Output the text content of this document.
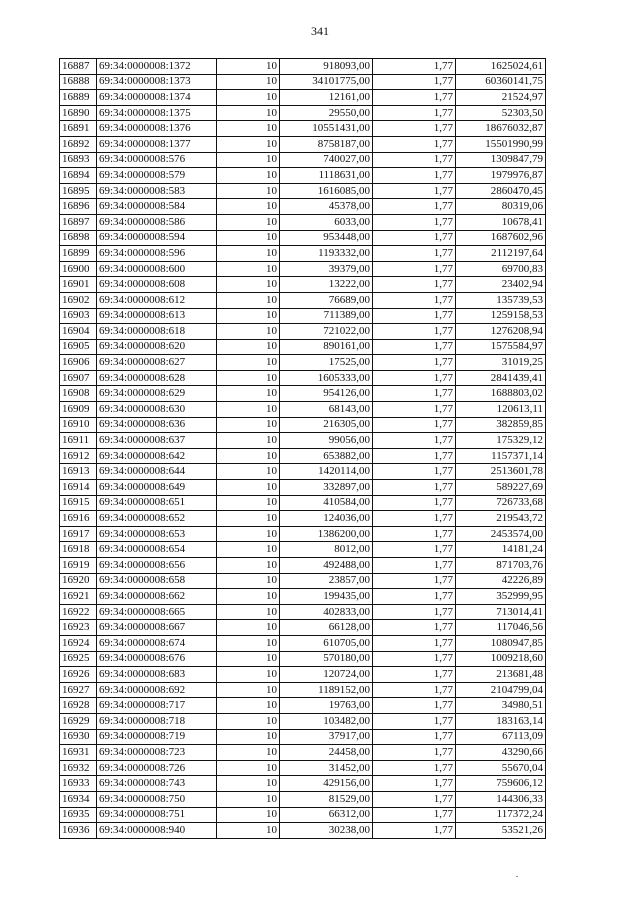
341
16887	69:34:0000008:1372	10	918093,00	1,77	1625024,61
16888	69:34:0000008:1373	10	34101775,00	1,77	60360141,75
16889	69:34:0000008:1374	10	12161,00	1,77	21524,97
16890	69:34:0000008:1375	10	29550,00	1,77	52303,50
16891	69:34:0000008:1376	10	10551431,00	1,77	18676032,87
16892	69:34:0000008:1377	10	8758187,00	1,77	15501990,99
16893	69:34:0000008:576	10	740027,00	1,77	1309847,79
16894	69:34:0000008:579	10	1118631,00	1,77	1979976,87
16895	69:34:0000008:583	10	1616085,00	1,77	2860470,45
16896	69:34:0000008:584	10	45378,00	1,77	80319,06
16897	69:34:0000008:586	10	6033,00	1,77	10678,41
16898	69:34:0000008:594	10	953448,00	1,77	1687602,96
16899	69:34:0000008:596	10	1193332,00	1,77	2112197,64
16900	69:34:0000008:600	10	39379,00	1,77	69700,83
16901	69:34:0000008:608	10	13222,00	1,77	23402,94
16902	69:34:0000008:612	10	76689,00	1,77	135739,53
16903	69:34:0000008:613	10	711389,00	1,77	1259158,53
16904	69:34:0000008:618	10	721022,00	1,77	1276208,94
16905	69:34:0000008:620	10	890161,00	1,77	1575584,97
16906	69:34:0000008:627	10	17525,00	1,77	31019,25
16907	69:34:0000008:628	10	1605333,00	1,77	2841439,41
16908	69:34:0000008:629	10	954126,00	1,77	1688803,02
16909	69:34:0000008:630	10	68143,00	1,77	120613,11
16910	69:34:0000008:636	10	216305,00	1,77	382859,85
16911	69:34:0000008:637	10	99056,00	1,77	175329,12
16912	69:34:0000008:642	10	653882,00	1,77	1157371,14
16913	69:34:0000008:644	10	1420114,00	1,77	2513601,78
16914	69:34:0000008:649	10	332897,00	1,77	589227,69
16915	69:34:0000008:651	10	410584,00	1,77	726733,68
16916	69:34:0000008:652	10	124036,00	1,77	219543,72
16917	69:34:0000008:653	10	1386200,00	1,77	2453574,00
16918	69:34:0000008:654	10	8012,00	1,77	14181,24
16919	69:34:0000008:656	10	492488,00	1,77	871703,76
16920	69:34:0000008:658	10	23857,00	1,77	42226,89
16921	69:34:0000008:662	10	199435,00	1,77	352999,95
16922	69:34:0000008:665	10	402833,00	1,77	713014,41
16923	69:34:0000008:667	10	66128,00	1,77	117046,56
16924	69:34:0000008:674	10	610705,00	1,77	1080947,85
16925	69:34:0000008:676	10	570180,00	1,77	1009218,60
16926	69:34:0000008:683	10	120724,00	1,77	213681,48
16927	69:34:0000008:692	10	1189152,00	1,77	2104799,04
16928	69:34:0000008:717	10	19763,00	1,77	34980,51
16929	69:34:0000008:718	10	103482,00	1,77	183163,14
16930	69:34:0000008:719	10	37917,00	1,77	67113,09
16931	69:34:0000008:723	10	24458,00	1,77	43290,66
16932	69:34:0000008:726	10	31452,00	1,77	55670,04
16933	69:34:0000008:743	10	429156,00	1,77	759606,12
16934	69:34:0000008:750	10	81529,00	1,77	144306,33
16935	69:34:0000008:751	10	66312,00	1,77	117372,24
16936	69:34:0000008:940	10	30238,00	1,77	53521,26
